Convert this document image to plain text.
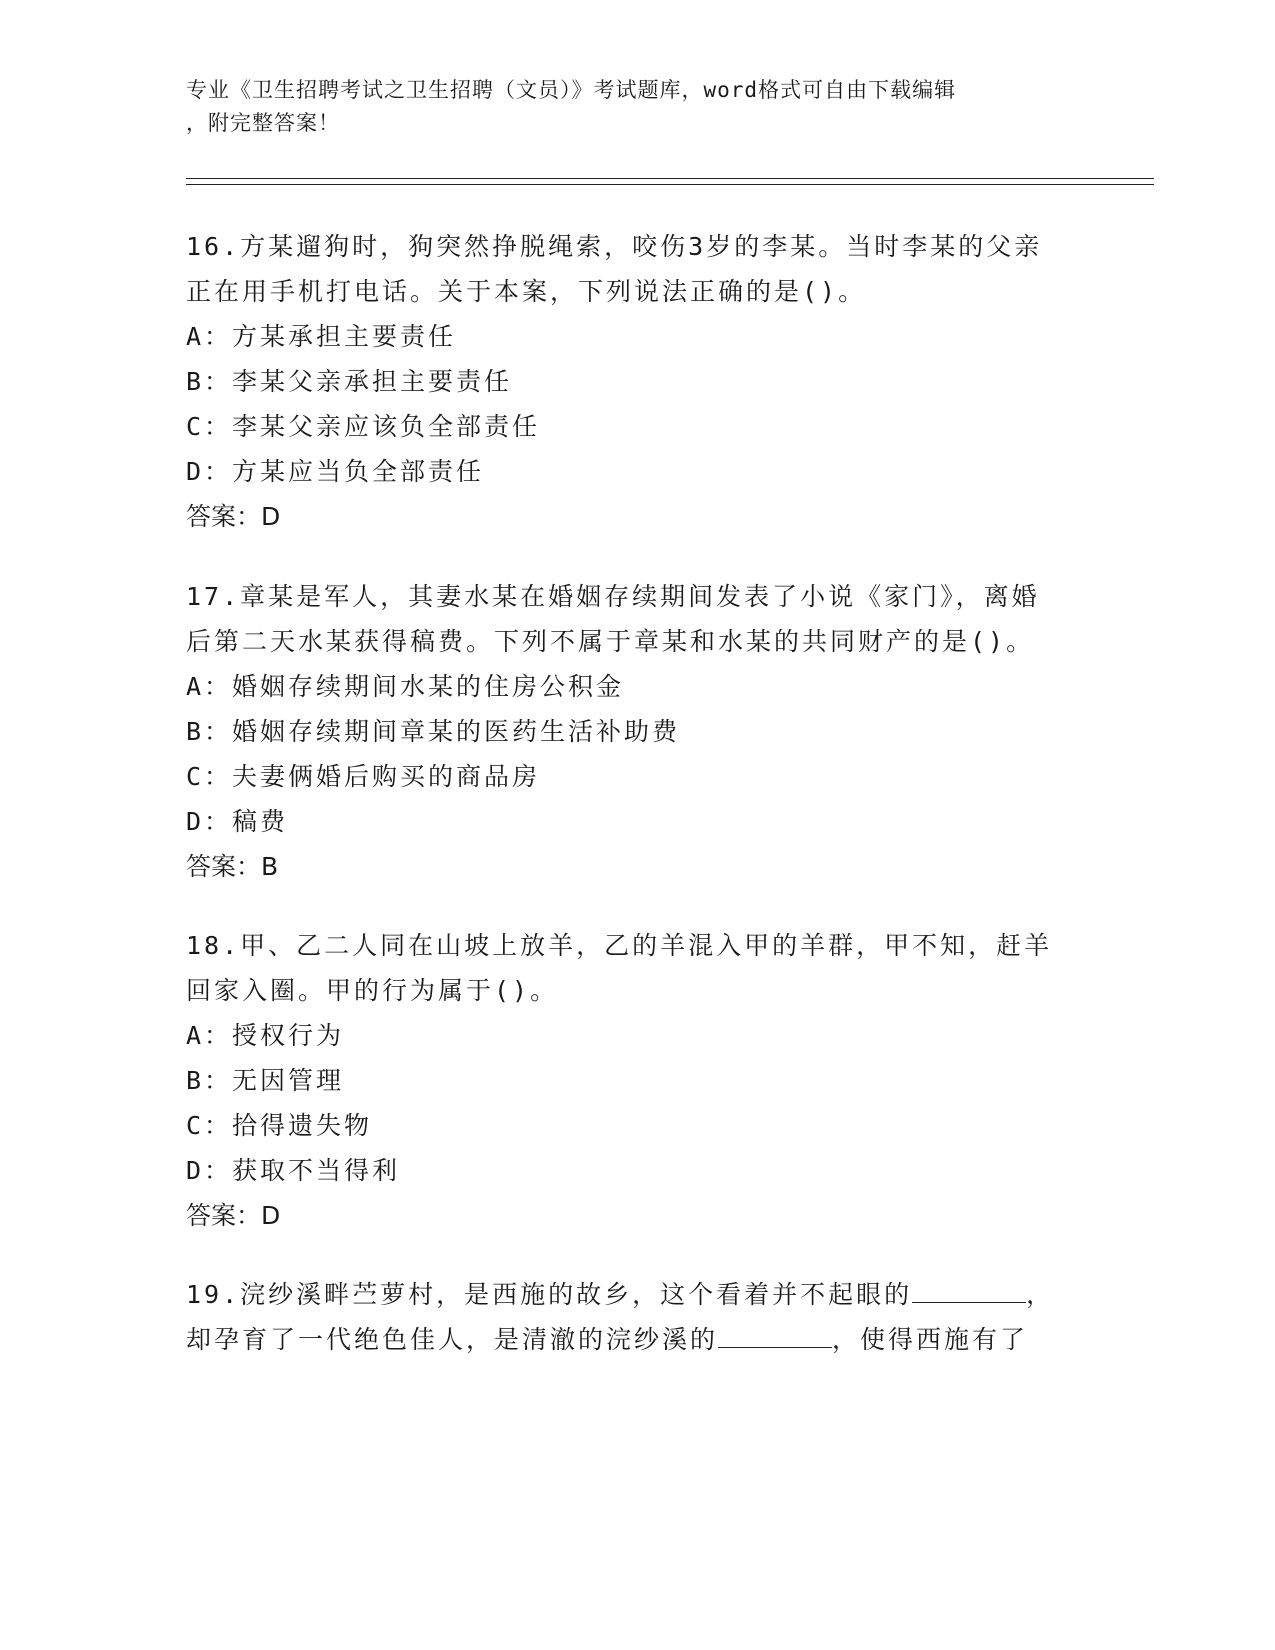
专业《卫生招聘考试之卫生招聘（文员）》考试题库，word格式可自由下载编辑
，附完整答案！

16.方某遛狗时，狗突然挣脱绳索，咬伤3岁的李某。当时李某的父亲正在用手机打电话。关于本案，下列说法正确的是()。

A：方某承担主要责任

B：李某父亲承担主要责任

C：李某父亲应该负全部责任

D：方某应当负全部责任

答案：D

17.章某是军人，其妻水某在婚姻存续期间发表了小说《家门》，离婚后第二天水某获得稿费。下列不属于章某和水某的共同财产的是()。

A：婚姻存续期间水某的住房公积金

B：婚姻存续期间章某的医药生活补助费

C：夫妻俩婚后购买的商品房

D：稿费

答案：B

18.甲、乙二人同在山坡上放羊，乙的羊混入甲的羊群，甲不知，赶羊回家入圈。甲的行为属于()。

A：授权行为

B：无因管理

C：拾得遗失物

D：获取不当得利

答案：D

19.浣纱溪畔苎萝村，是西施的故乡，这个看着并不起眼的	，却孕育了一代绝色佳人，是清澈的浣纱溪的	，使得西施有了
